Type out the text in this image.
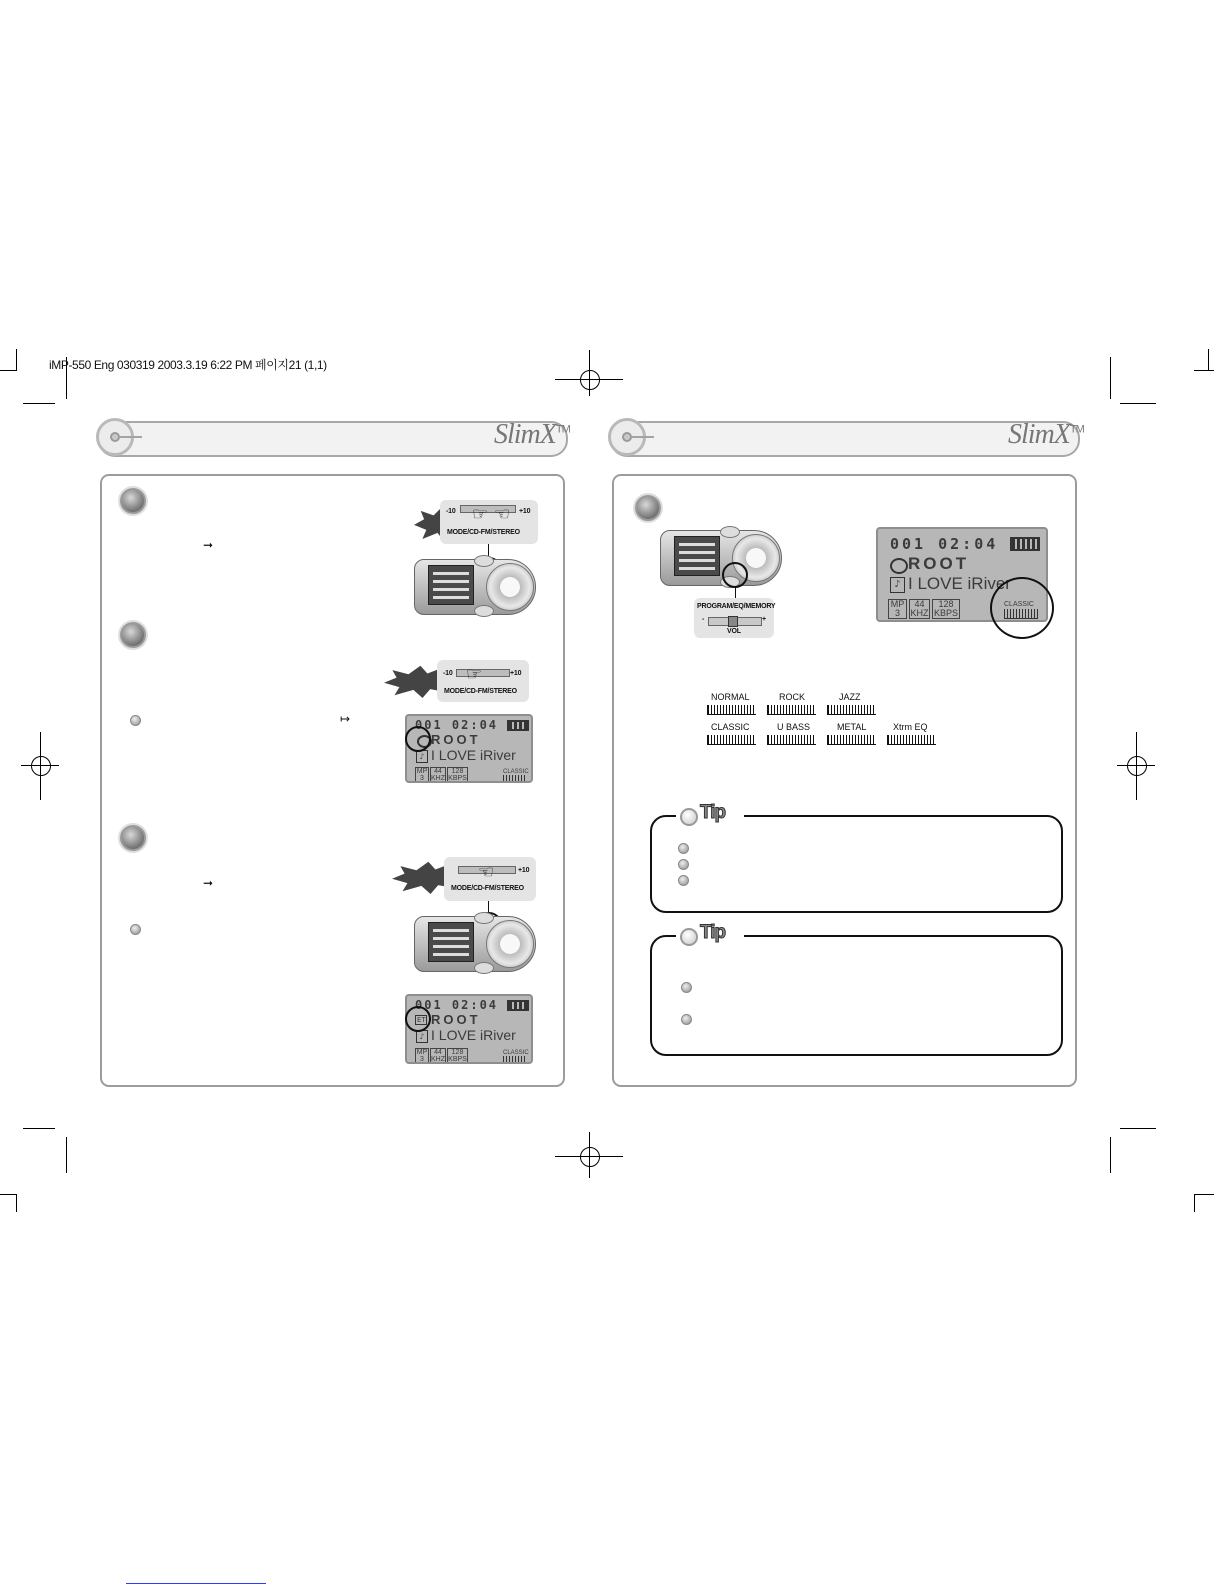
iMP-550 Eng 030319 2003.3.19 6:22 PM 페이지21 (1,1)
SlimX™	SlimX™
➞
-10	+10
☞ ☞
MODE/CD-FM/STEREO
-10	+10
☞
MODE/CD-FM/STEREO
↦	001 02:04
ROOT
♪ I LOVE iRiver
MP 3
44 KHZ
128 KBPS
CLASSIC
➞
☞	+10
MODE/CD-FM/STEREO
001 02:04
ET ROOT
♪ I LOVE iRiver
MP 3
44 KHZ
128 KBPS
CLASSIC
PROGRAM/EQ/MEMORY
-	+
VOL
001 02:04
ROOT
♪ I LOVE iRiver
MP 3
44 KHZ
128 KBPS
CLASSIC
NORMAL	ROCK	JAZZ
CLASSIC	U BASS	METAL	Xtrm EQ
Tip
Tip
